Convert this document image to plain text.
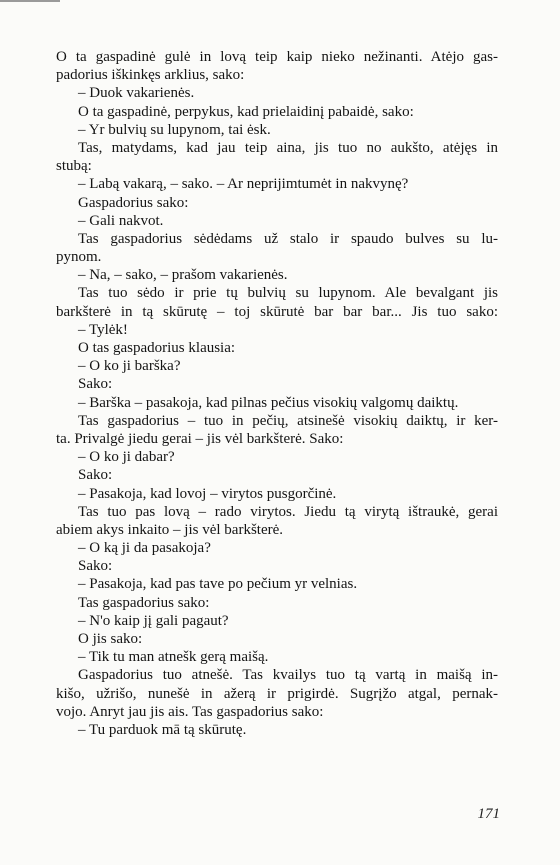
O ta gaspadinė gulė in lovą teip kaip nieko nežinanti. Atėjo gas-

padorius iškinkęs arklius, sako:

– Duok vakarienės.

O ta gaspadinė, perpykus, kad prielaidinį pabaidė, sako:

– Yr bulvių su lupynom, tai ėsk.

Tas, matydams, kad jau teip aina, jis tuo no aukšto, atėjęs in

stubą:

– Labą vakarą, – sako. – Ar neprijimtumėt in nakvynę?

Gaspadorius sako:

– Gali nakvot.

Tas gaspadorius sėdėdams už stalo ir spaudo bulves su lu-

pynom.

– Na, – sako, – prašom vakarienės.

Tas tuo sėdo ir prie tų bulvių su lupynom. Ale bevalgant jis

barkšterė in tą skūrutę – toj skūrutė bar bar bar... Jis tuo sako:

– Tylėk!

O tas gaspadorius klausia:

– O ko ji barška?

Sako:

– Barška – pasakoja, kad pilnas pečius visokių valgomų daiktų.

Tas gaspadorius – tuo in pečių, atsinešė visokių daiktų, ir ker-

ta. Privalgė jiedu gerai – jis vėl barkšterė. Sako:

– O ko ji dabar?

Sako:

– Pasakoja, kad lovoj – virytos pusgorčinė.

Tas tuo pas lovą – rado virytos. Jiedu tą virytą ištraukė, gerai

abiem akys inkaito – jis vėl barkšterė.

– O ką ji da pasakoja?

Sako:

– Pasakoja, kad pas tave po pečium yr velnias.

Tas gaspadorius sako:

– N'o kaip jį gali pagaut?

O jis sako:

– Tik tu man atnešk gerą maišą.

Gaspadorius tuo atnešė. Tas kvailys tuo tą vartą in maišą in-

kišo, užrišo, nunešė in ažerą ir prigirdė. Sugrįžo atgal, pernak-

vojo. Anryt jau jis ais. Tas gaspadorius sako:

– Tu parduok mā tą skūrutę.

171
